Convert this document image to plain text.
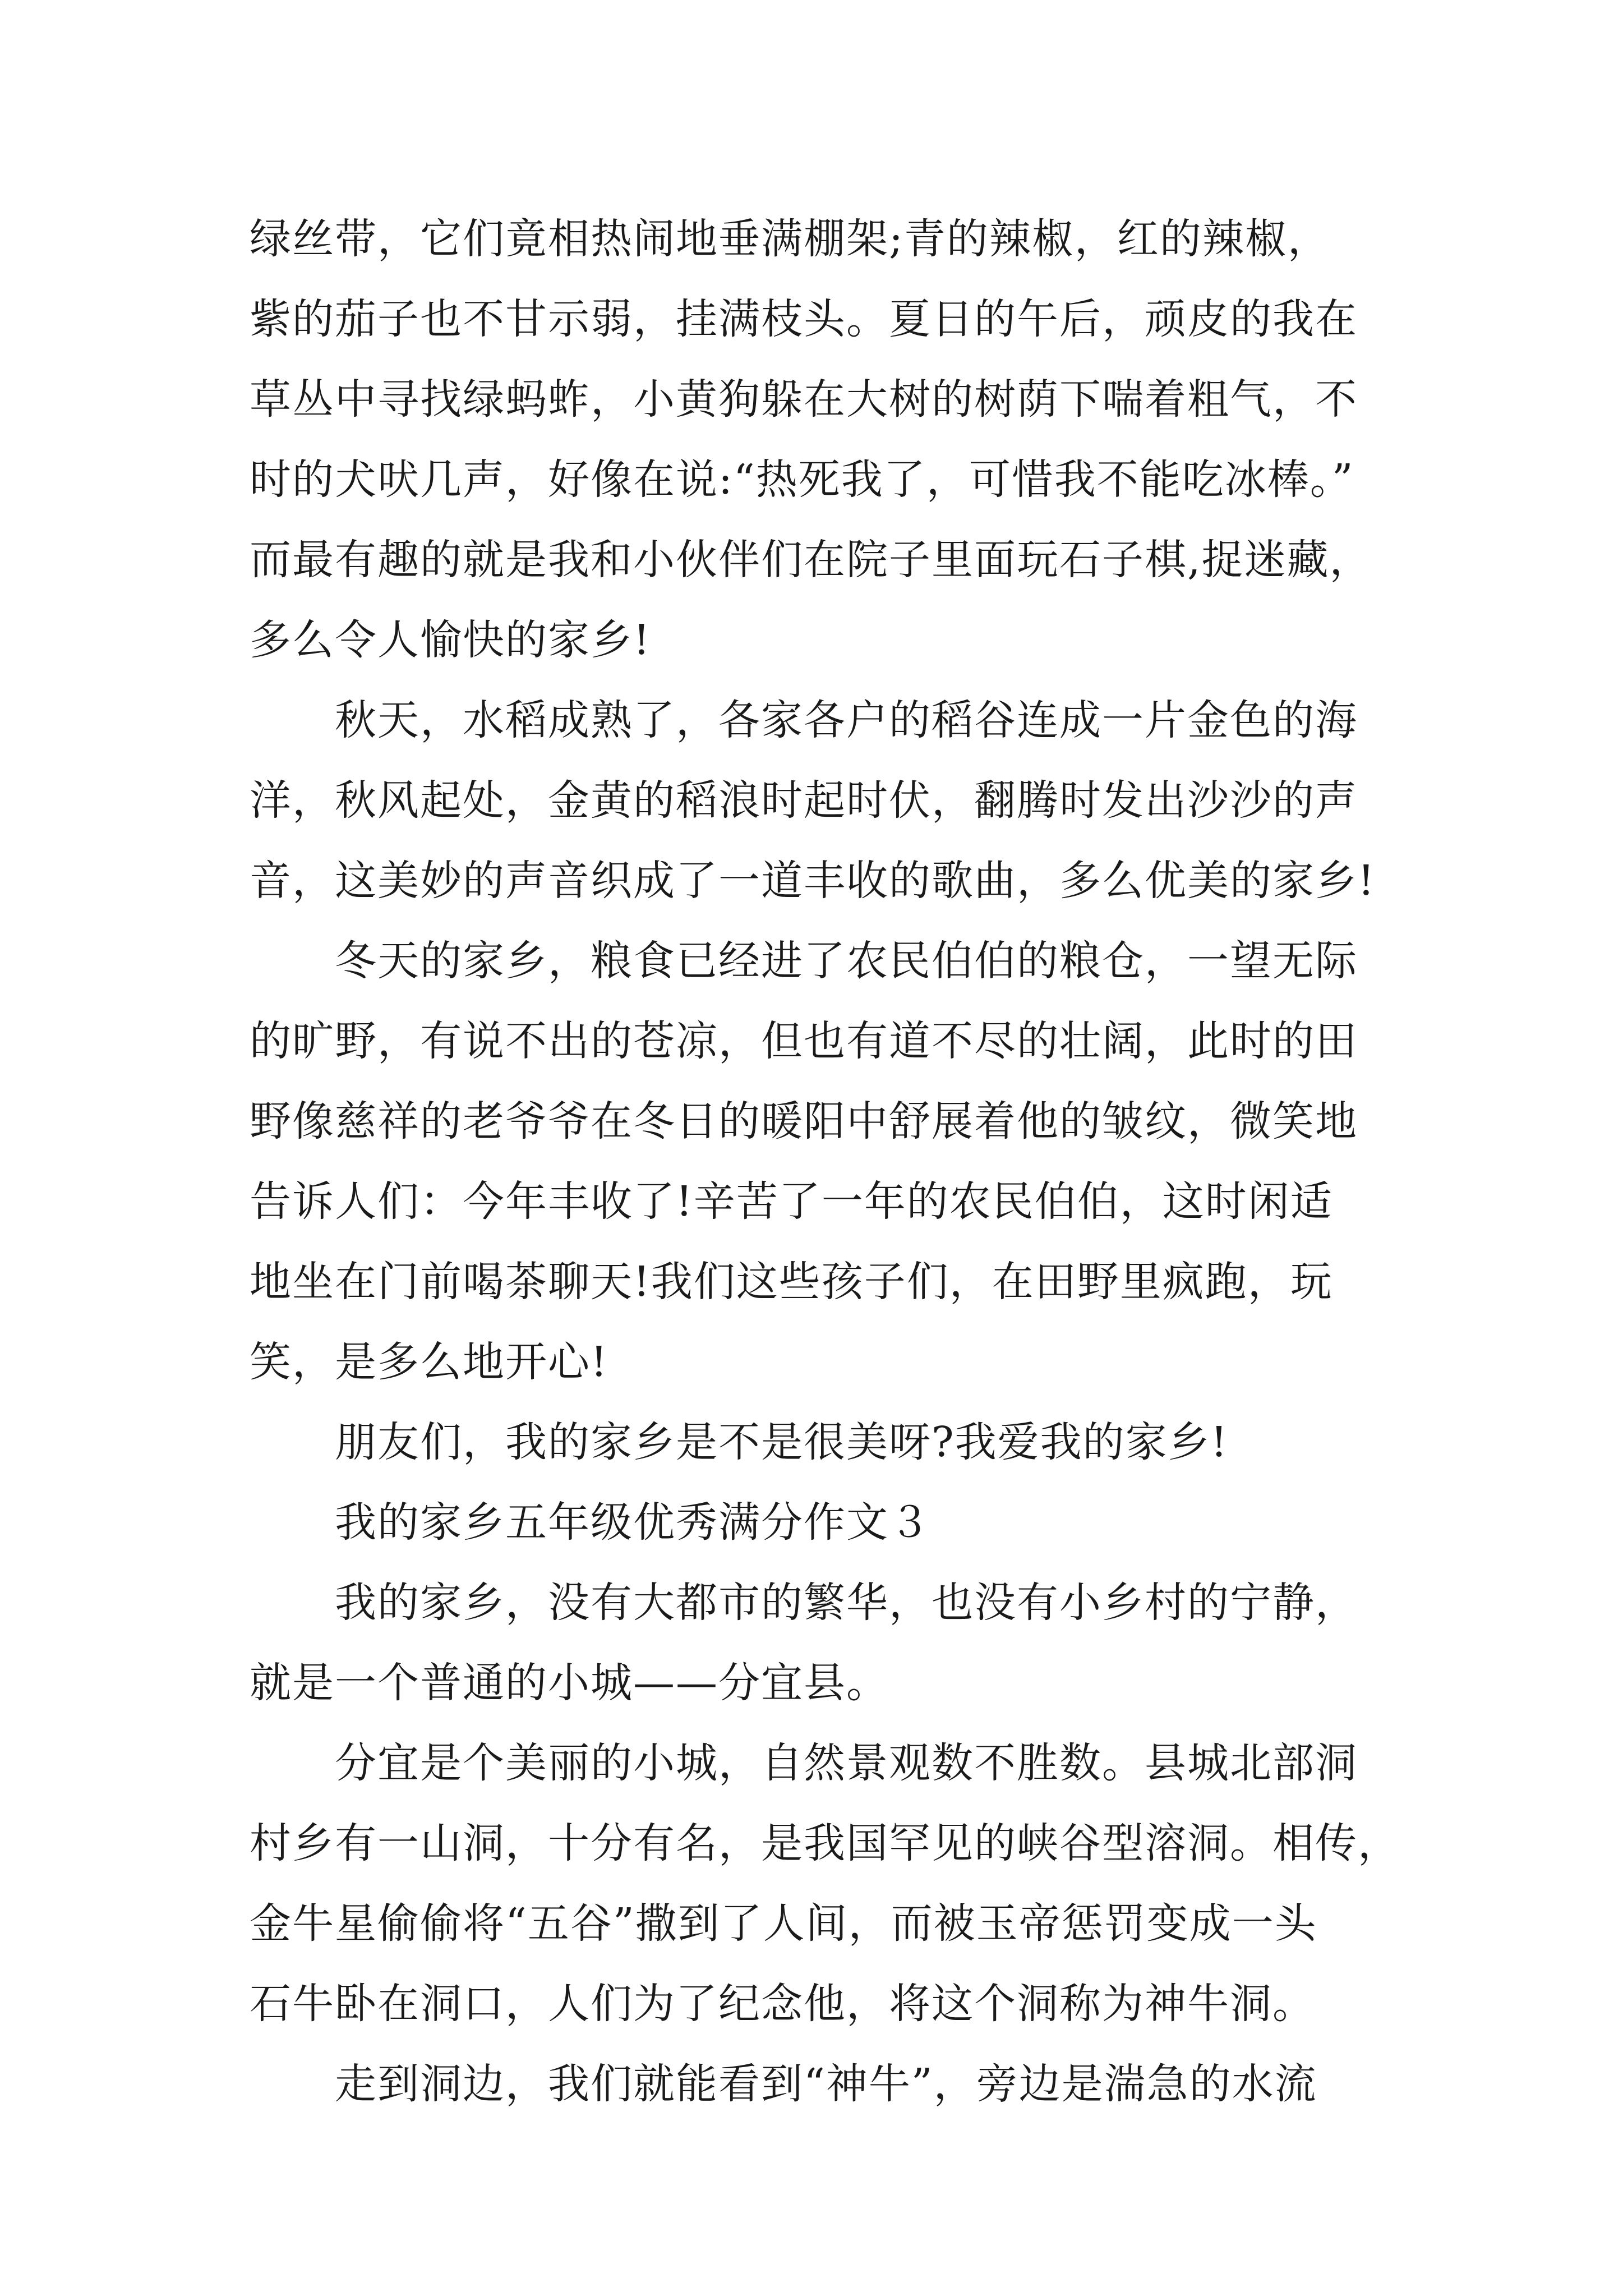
绿丝带，它们竟相热闹地垂满棚架;青的辣椒，红的辣椒，
紫的茄子也不甘示弱，挂满枝头。夏日的午后，顽皮的我在
草丛中寻找绿蚂蚱，小黄狗躲在大树的树荫下喘着粗气，不
时的犬吠几声，好像在说:“热死我了，可惜我不能吃冰棒。”
而最有趣的就是我和小伙伴们在院子里面玩石子棋,捉迷藏，
多么令人愉快的家乡!
　　秋天，水稻成熟了，各家各户的稻谷连成一片金色的海
洋，秋风起处，金黄的稻浪时起时伏，翻腾时发出沙沙的声
音，这美妙的声音织成了一道丰收的歌曲，多么优美的家乡!
　　冬天的家乡，粮食已经进了农民伯伯的粮仓，一望无际
的旷野，有说不出的苍凉，但也有道不尽的壮阔，此时的田
野像慈祥的老爷爷在冬日的暖阳中舒展着他的皱纹，微笑地
告诉人们：今年丰收了!辛苦了一年的农民伯伯，这时闲适
地坐在门前喝茶聊天!我们这些孩子们，在田野里疯跑，玩
笑，是多么地开心!
　　朋友们，我的家乡是不是很美呀?我爱我的家乡!
　　我的家乡五年级优秀满分作文３
　　我的家乡，没有大都市的繁华，也没有小乡村的宁静，
就是一个普通的小城——分宜县。
　　分宜是个美丽的小城，自然景观数不胜数。县城北部洞
村乡有一山洞，十分有名，是我国罕见的峡谷型溶洞。相传，
金牛星偷偷将“五谷”撒到了人间，而被玉帝惩罚变成一头
石牛卧在洞口，人们为了纪念他，将这个洞称为神牛洞。
　　走到洞边，我们就能看到“神牛”，旁边是湍急的水流
